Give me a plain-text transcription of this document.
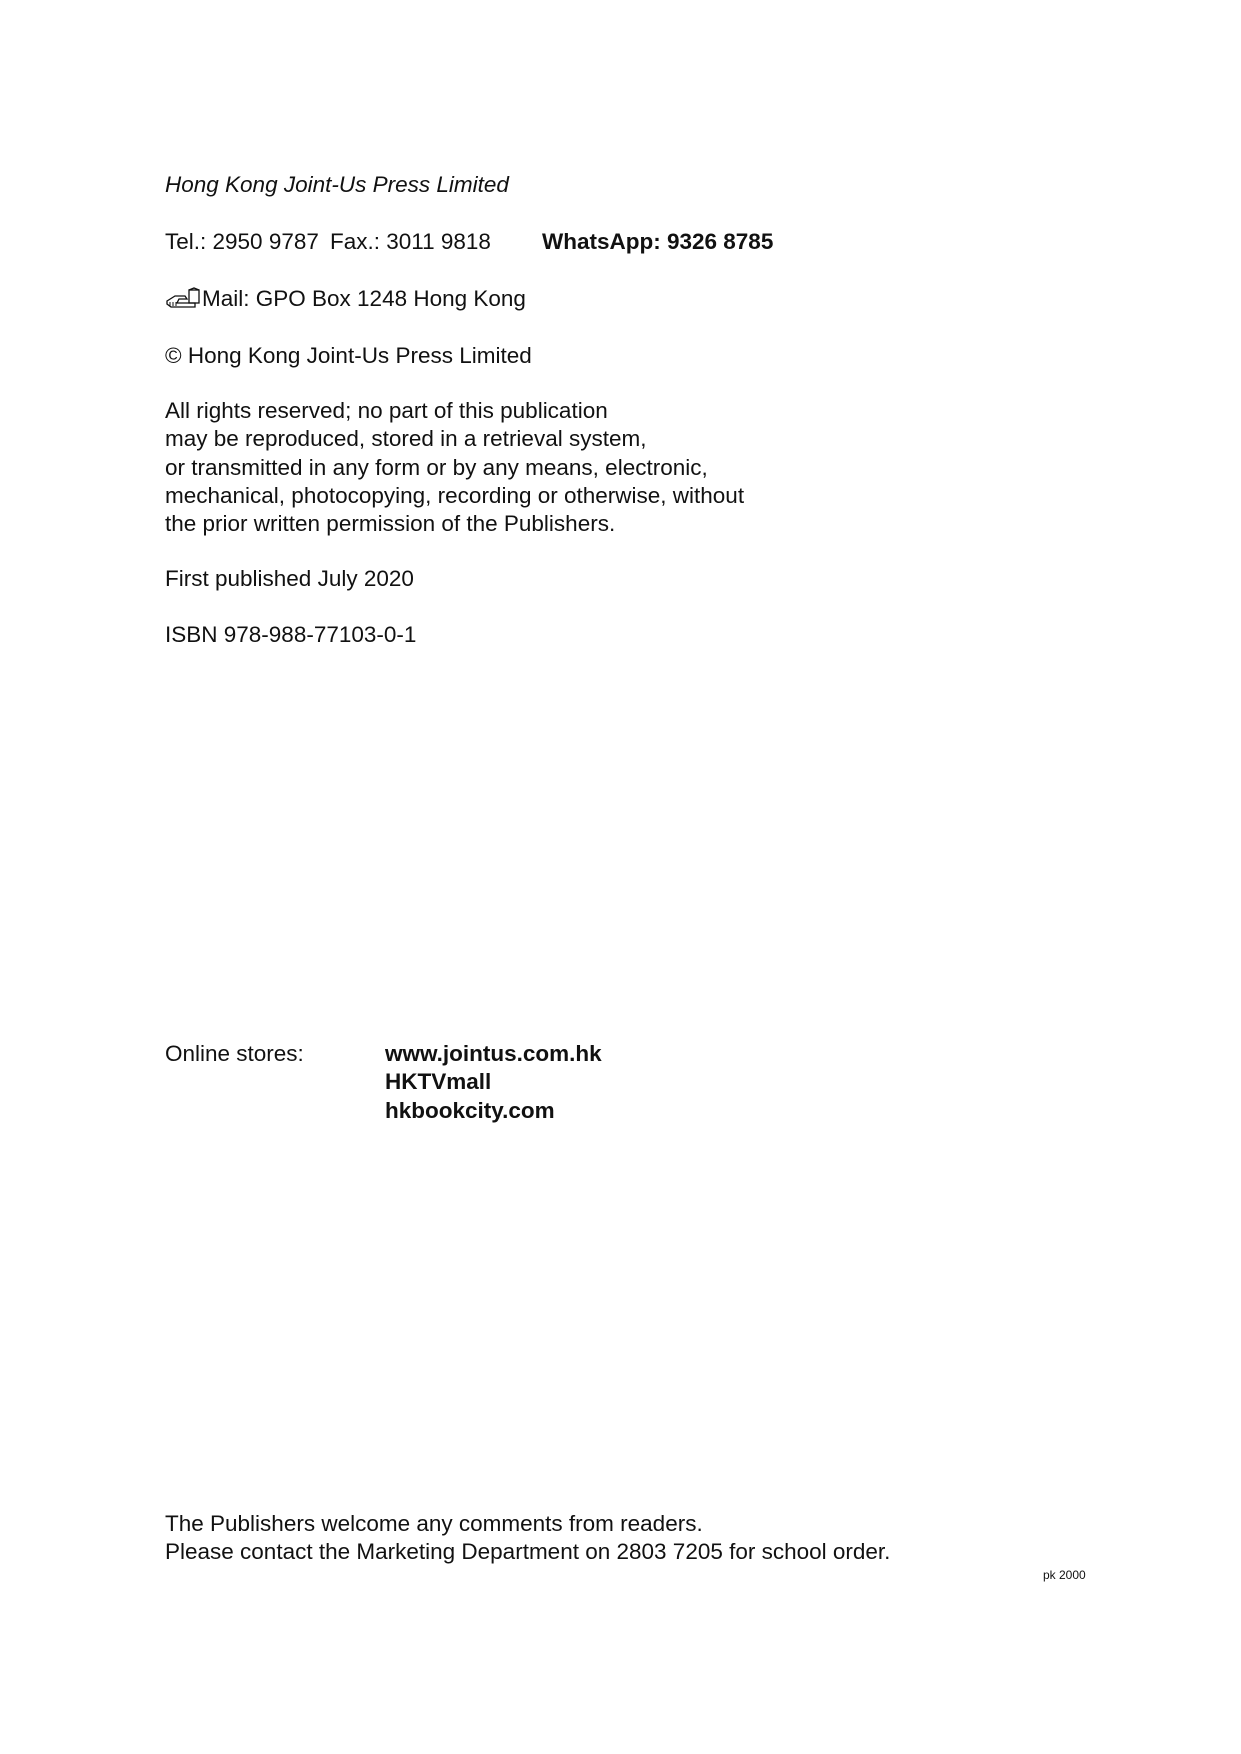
Hong Kong Joint-Us Press Limited
Tel.: 2950 9787 Fax.: 3011 9818 WhatsApp: 9326 8785
Mail: GPO Box 1248 Hong Kong
© Hong Kong Joint-Us Press Limited
All rights reserved; no part of this publication
may be reproduced, stored in a retrieval system,
or transmitted in any form or by any means, electronic,
mechanical, photocopying, recording or otherwise, without
the prior written permission of the Publishers.
First published July 2020
ISBN 978-988-77103-0-1
Online stores:	www.jointus.com.hk
HKTVmall
hkbookcity.com
The Publishers welcome any comments from readers.
Please contact the Marketing Department on 2803 7205 for school order.
pk 2000
